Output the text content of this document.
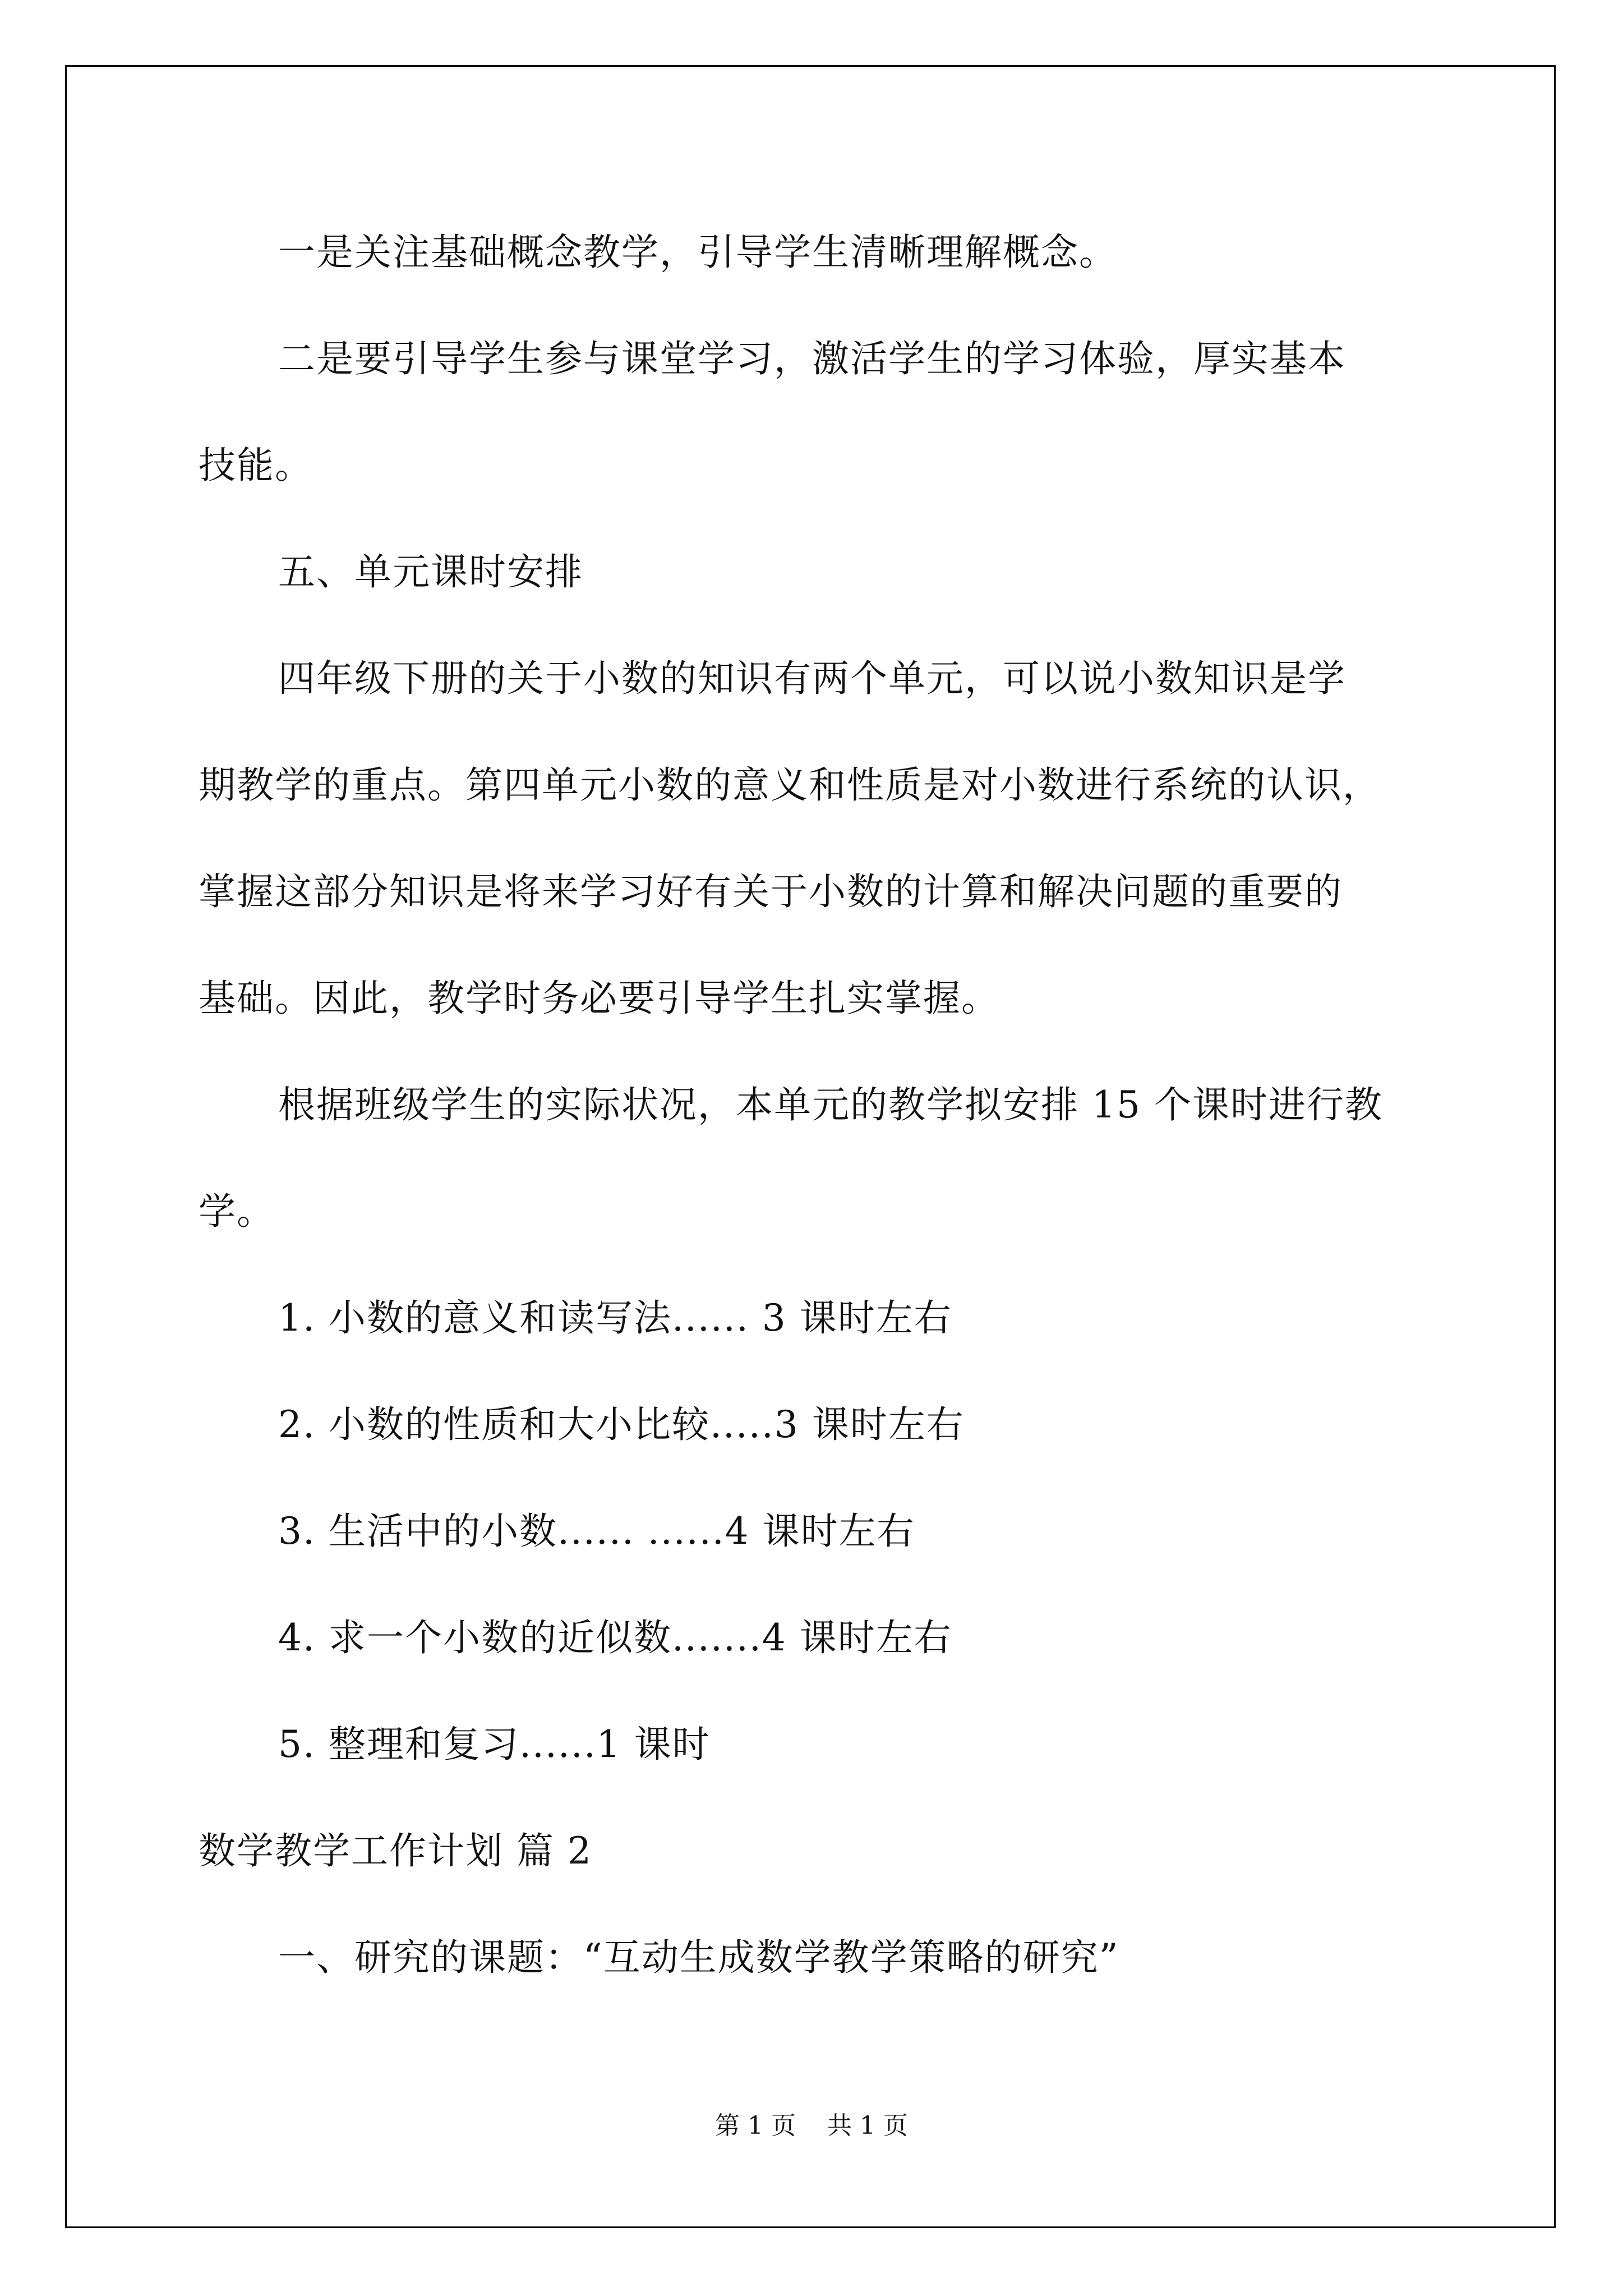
一是关注基础概念教学，引导学生清晰理解概念。
二是要引导学生参与课堂学习，激活学生的学习体验，厚实基本
技能。
五、单元课时安排
四年级下册的关于小数的知识有两个单元，可以说小数知识是学
期教学的重点。第四单元小数的意义和性质是对小数进行系统的认识，
掌握这部分知识是将来学习好有关于小数的计算和解决问题的重要的
基础。因此，教学时务必要引导学生扎实掌握。
根据班级学生的实际状况，本单元的教学拟安排 15 个课时进行教
学。
1. 小数的意义和读写法...... 3 课时左右
2. 小数的性质和大小比较.....3 课时左右
3. 生活中的小数...... ......4 课时左右
4. 求一个小数的近似数.......4 课时左右
5. 整理和复习......1 课时
数学教学工作计划 篇 2
一、研究的课题：“互动生成数学教学策略的研究”
第 1 页    共 1 页
